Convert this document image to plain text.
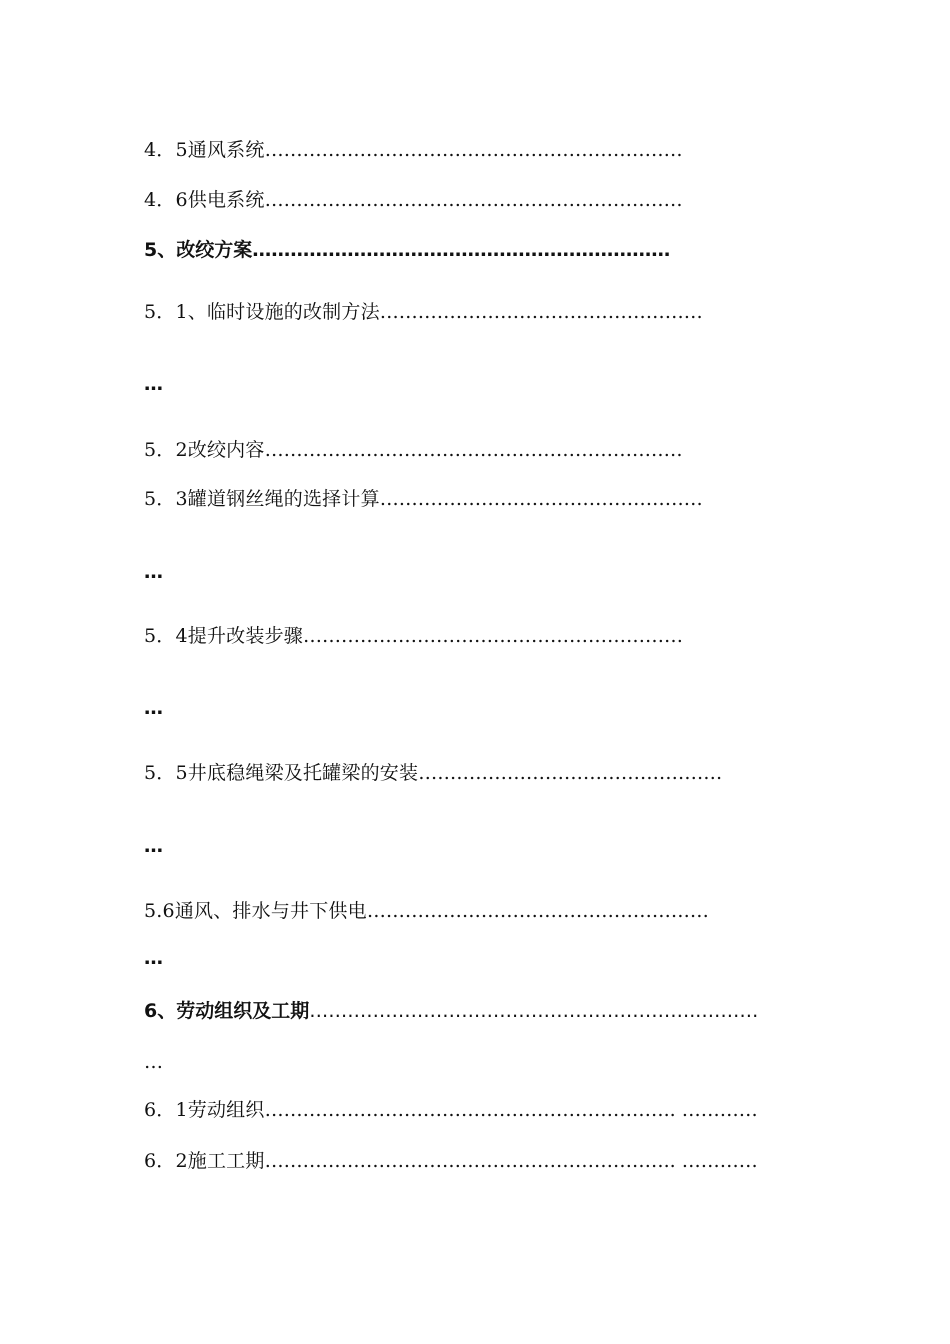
4．5通风系统…………………………………………………………
4．6供电系统…………………………………………………………
5、改绞方案…………………………………………………………
5．1、临时设施的改制方法……………………………………………
…
5．2改绞内容…………………………………………………………
5．3罐道钢丝绳的选择计算……………………………………………
…
5．4提升改装步骤……………………………………………………
…
5．5井底稳绳梁及托罐梁的安装…………………………………………
…
5.6通风、排水与井下供电………………………………………………
…
6、劳动组织及工期……………………………………………………..………
…
6．1劳动组织……………………………………………………….. …………
6．2施工工期……………………………………………………….. …………
